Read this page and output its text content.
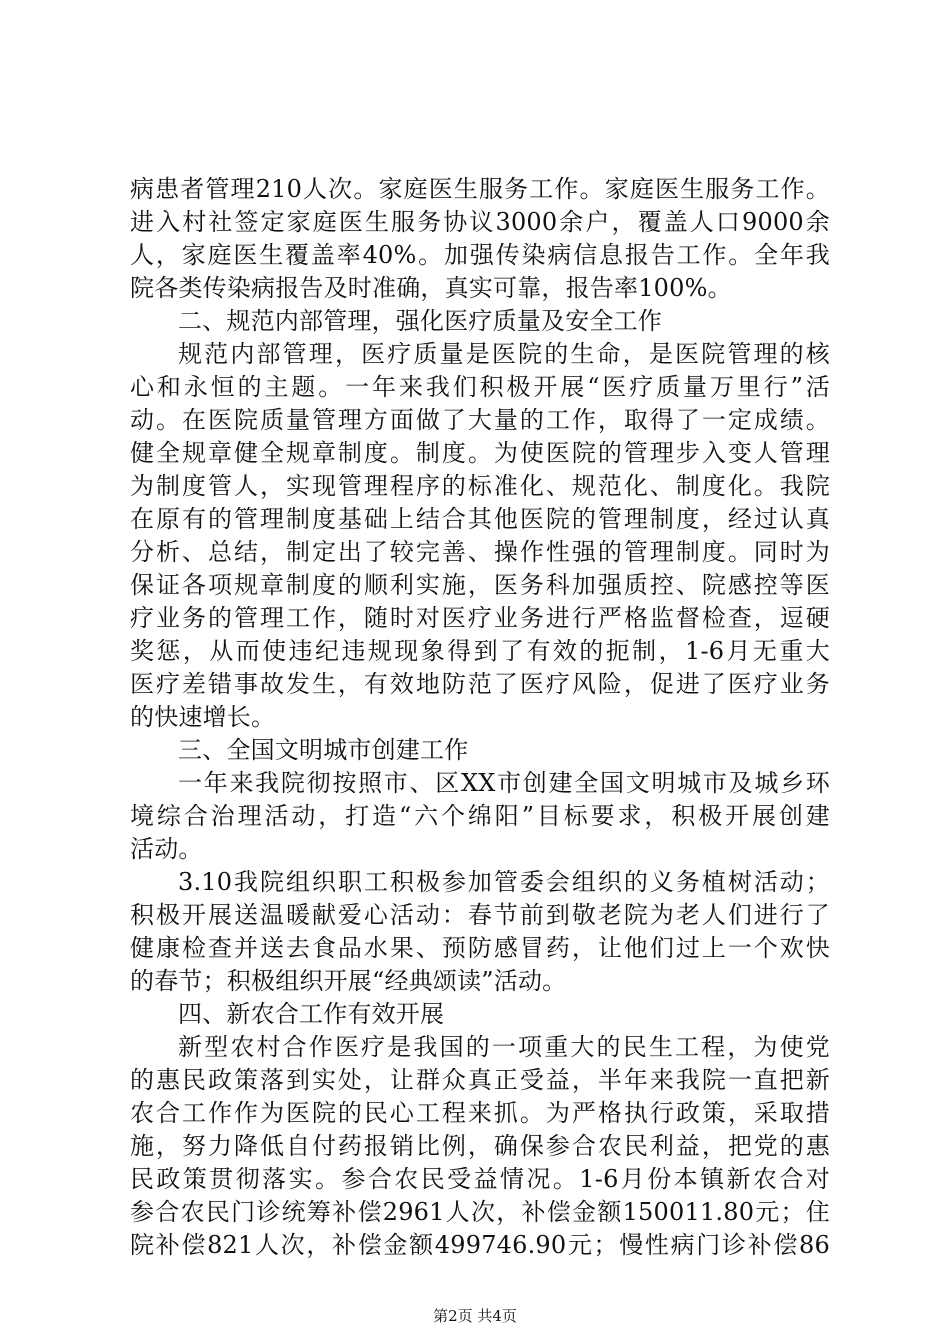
病患者管理210人次。家庭医生服务工作。家庭医生服务工作。
进入村社签定家庭医生服务协议3000余户，覆盖人口9000余
人，家庭医生覆盖率40%。加强传染病信息报告工作。全年我
院各类传染病报告及时准确，真实可靠，报告率100%。
二、规范内部管理，强化医疗质量及安全工作
规范内部管理，医疗质量是医院的生命，是医院管理的核
心和永恒的主题。一年来我们积极开展“医疗质量万里行”活
动。在医院质量管理方面做了大量的工作，取得了一定成绩。
健全规章健全规章制度。制度。为使医院的管理步入变人管理
为制度管人，实现管理程序的标准化、规范化、制度化。我院
在原有的管理制度基础上结合其他医院的管理制度，经过认真
分析、总结，制定出了较完善、操作性强的管理制度。同时为
保证各项规章制度的顺利实施，医务科加强质控、院感控等医
疗业务的管理工作，随时对医疗业务进行严格监督检查，逗硬
奖惩，从而使违纪违规现象得到了有效的扼制，1-6月无重大
医疗差错事故发生，有效地防范了医疗风险，促进了医疗业务
的快速增长。
三、全国文明城市创建工作
一年来我院彻按照市、区XX市创建全国文明城市及城乡环
境综合治理活动，打造“六个绵阳”目标要求，积极开展创建
活动。
3.10我院组织职工积极参加管委会组织的义务植树活动；
积极开展送温暖献爱心活动：春节前到敬老院为老人们进行了
健康检查并送去食品水果、预防感冒药，让他们过上一个欢快
的春节；积极组织开展“经典颂读”活动。
四、新农合工作有效开展
新型农村合作医疗是我国的一项重大的民生工程，为使党
的惠民政策落到实处，让群众真正受益，半年来我院一直把新
农合工作作为医院的民心工程来抓。为严格执行政策，采取措
施，努力降低自付药报销比例，确保参合农民利益，把党的惠
民政策贯彻落实。参合农民受益情况。1-6月份本镇新农合对
参合农民门诊统筹补偿2961人次，补偿金额150011.80元；住
院补偿821人次，补偿金额499746.90元；慢性病门诊补偿86
第2页 共4页
